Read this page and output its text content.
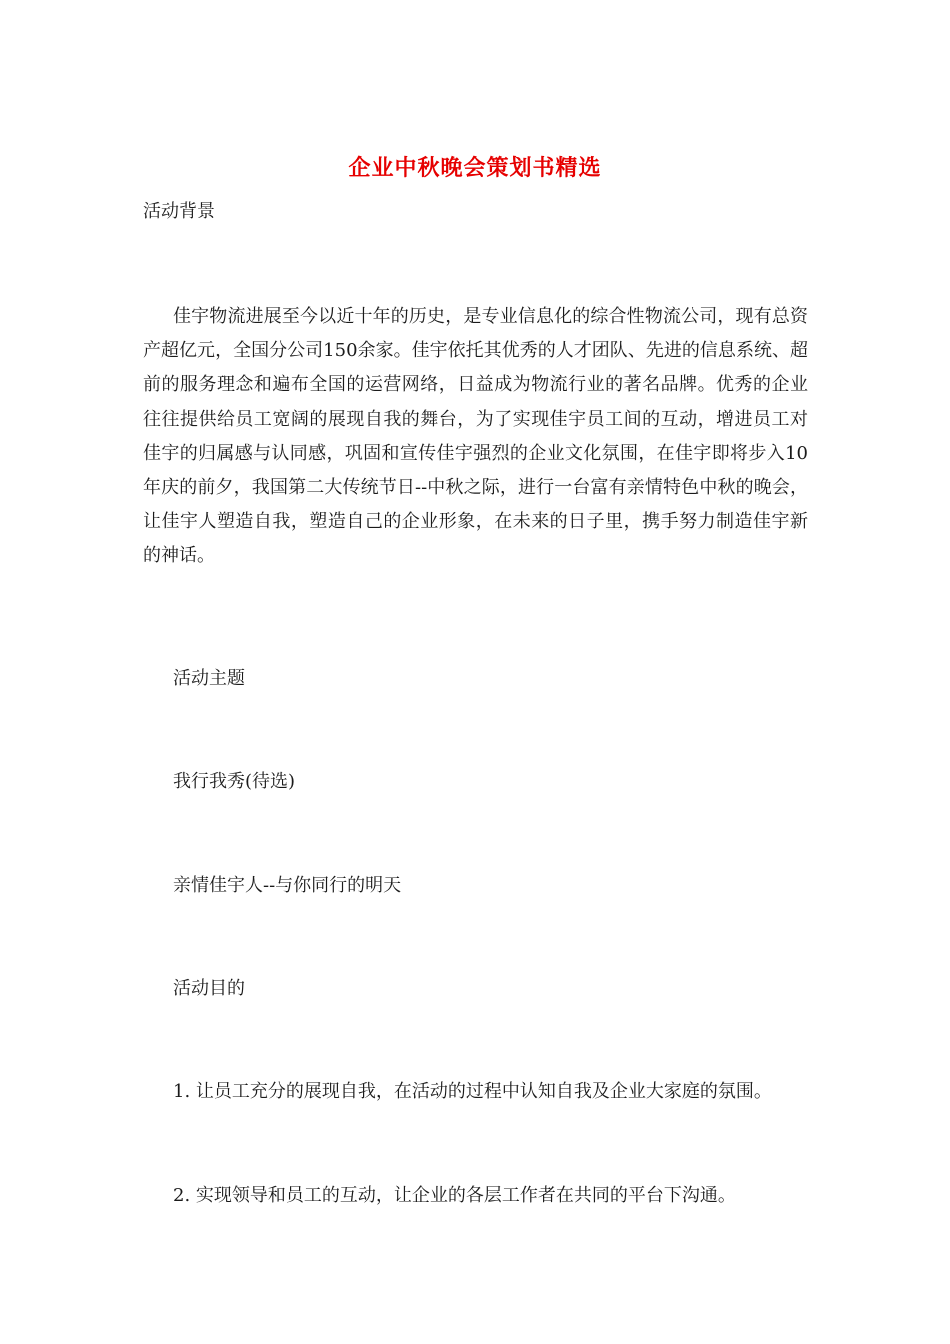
企业中秋晚会策划书精选
活动背景
佳宇物流进展至今以近十年的历史，是专业信息化的综合性物流公司，现有总资产超亿元，全国分公司150余家。佳宇依托其优秀的人才团队、先进的信息系统、超前的服务理念和遍布全国的运营网络，日益成为物流行业的著名品牌。优秀的企业往往提供给员工宽阔的展现自我的舞台，为了实现佳宇员工间的互动，增进员工对佳宇的归属感与认同感，巩固和宣传佳宇强烈的企业文化氛围，在佳宇即将步入10年庆的前夕，我国第二大传统节日--中秋之际，进行一台富有亲情特色中秋的晚会，让佳宇人塑造自我，塑造自己的企业形象，在未来的日子里，携手努力制造佳宇新的神话。
活动主题
我行我秀(待选)
亲情佳宇人--与你同行的明天
活动目的
1. 让员工充分的展现自我，在活动的过程中认知自我及企业大家庭的氛围。
2. 实现领导和员工的互动，让企业的各层工作者在共同的平台下沟通。
